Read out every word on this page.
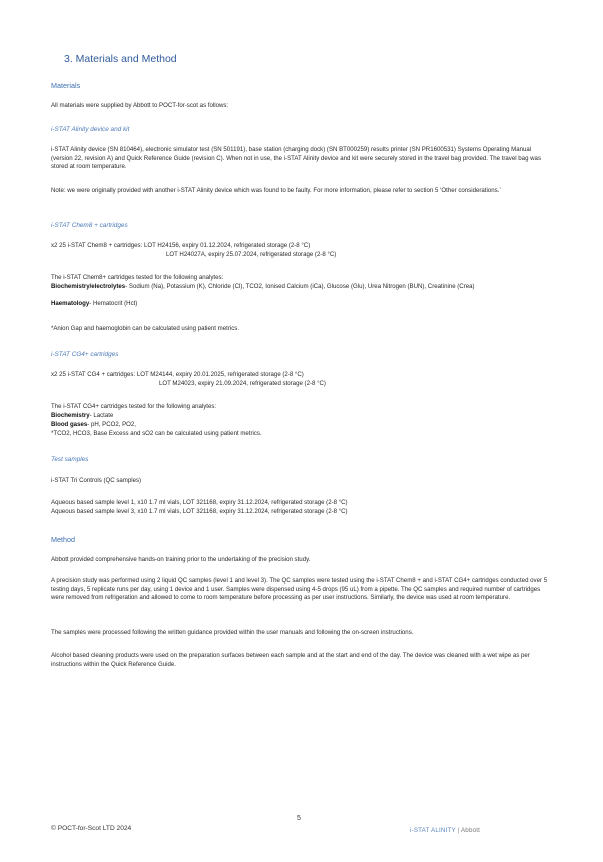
3. Materials and Method
Materials
All materials were supplied by Abbott to POCT-for-scot as follows:
i-STAT Alinity device and kit
i-STAT Alinity device (SN 810464), electronic simulator test (SN 501191), base station (charging dock) (SN BT000259) results printer (SN PR1600531) Systems Operating Manual (version 22, revision A) and Quick Reference Guide (revision C). When not in use, the i-STAT Alinity device and kit were securely stored in the travel bag provided. The travel bag was stored at room temperature.
Note: we were originally provided with another i-STAT Alinity device which was found to be faulty. For more information, please refer to section 5 ‘Other considerations.’
i-STAT Chem8 + cartridges
x2 25 i-STAT Chem8 + cartridges: LOT H24156, expiry 01.12.2024, refrigerated storage (2-8 °C)
LOT H24027A, expiry 25.07.2024, refrigerated storage (2-8 °C)
The i-STAT Chem8+ cartridges tested for the following analytes:
Biochemistry/electrolytes- Sodium (Na), Potassium (K), Chloride (Cl), TCO2, Ionised Calcium (iCa), Glucose (Glu), Urea Nitrogen (BUN), Creatinine (Crea)
Haematology- Hematocrit (Hct)
*Anion Gap and haemoglobin can be calculated using patient metrics.
i-STAT CG4+ cartridges
x2 25 i-STAT CG4 + cartridges: LOT M24144, expiry 20.01.2025, refrigerated storage (2-8 °C)
LOT M24023, expiry 21.09.2024, refrigerated storage (2-8 °C)
The i-STAT CG4+ cartridges tested for the following analytes:
Biochemistry- Lactate
Blood gases- pH, PCO2, PO2,
*TCO2, HCO3, Base Excess and sO2 can be calculated using patient metrics.
Test samples
i-STAT Tri Controls (QC samples)
Aqueous based sample level 1, x10 1.7 ml vials, LOT 321168, expiry 31.12.2024, refrigerated storage (2-8 °C)
Aqueous based sample level 3, x10 1.7 ml vials, LOT 321168, expiry 31.12.2024, refrigerated storage (2-8 °C)
Method
Abbott provided comprehensive hands-on training prior to the undertaking of the precision study.
A precision study was performed using 2 liquid QC samples (level 1 and level 3). The QC samples were tested using the i-STAT Chem8 + and i-STAT CG4+ cartridges conducted over 5 testing days, 5 replicate runs per day, using 1 device and 1 user. Samples were dispensed using 4-5 drops (95 uL) from a pipette. The QC samples and required number of cartridges were removed from refrigeration and allowed to come to room temperature before processing as per user instructions. Similarly, the device was used at room temperature.
The samples were processed following the written guidance provided within the user manuals and following the on-screen instructions.
Alcohol based cleaning products were used on the preparation surfaces between each sample and at the start and end of the day. The device was cleaned with a wet wipe as per instructions within the Quick Reference Guide.
5
© POCT-for-Scot LTD 2024	i-STAT ALINITY | Abbott
